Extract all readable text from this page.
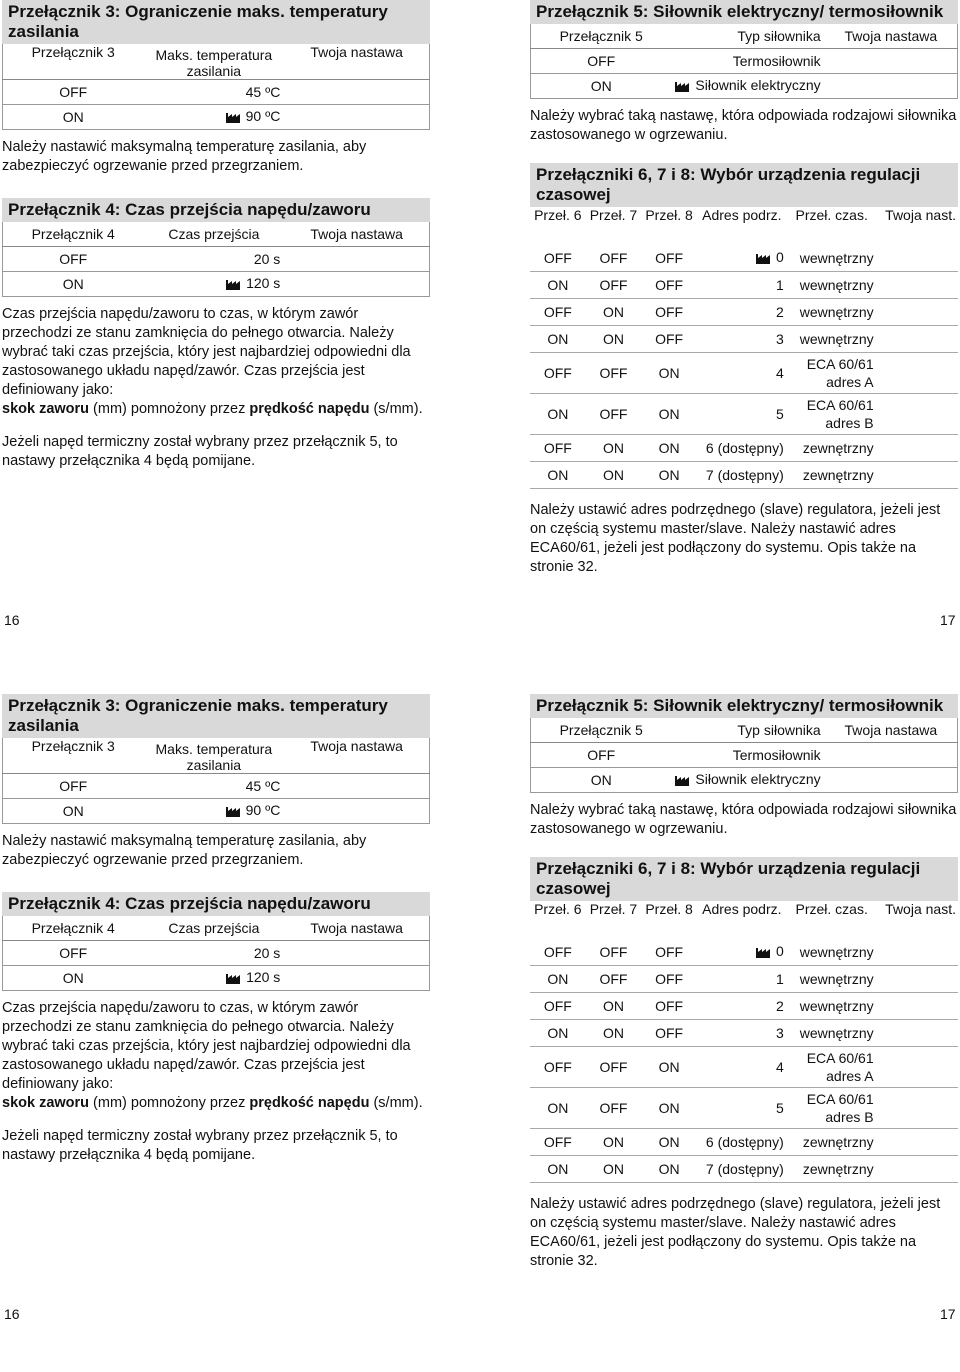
Przełącznik 3: Ograniczenie maks. temperatury zasilania
Przełącznik 3	Maks. temperatura zasilania	Twoja nastawa
OFF	45 ºC	
ON	90 ºC	

Należy nastawić maksymalną temperaturę zasilania, aby zabezpieczyć ogrzewanie przed przegrzaniem.

Przełącznik 4: Czas przejścia napędu/zaworu
Przełącznik 4	Czas przejścia	Twoja nastawa
OFF	20 s	
ON	120 s	

Czas przejścia napędu/zaworu to czas, w którym zawór przechodzi ze stanu zamknięcia do pełnego otwarcia. Należy wybrać taki czas przejścia, który jest najbardziej odpowiedni dla zastosowanego układu napęd/zawór. Czas przejścia jest definiowany jako:
skok zaworu (mm) pomnożony przez prędkość napędu (s/mm).

Jeżeli napęd termiczny został wybrany przez przełącznik 5, to nastawy przełącznika 4 będą pomijane.

Przełącznik 5: Siłownik elektryczny/ termosiłownik
Przełącznik 5	Typ siłownika	Twoja nastawa
OFF	Termosiłownik	
ON	Siłownik elektryczny	

Należy wybrać taką nastawę, która odpowiada rodzajowi siłownika zastosowanego w ogrzewaniu.

Przełączniki 6, 7 i 8: Wybór urządzenia regulacji czasowej
Przeł. 6	Przeł. 7	Przeł. 8	Adres podrz.	Przeł. czas.	Twoja nast.
OFF	OFF	OFF	0	wewnętrzny	
ON	OFF	OFF	1	wewnętrzny	
OFF	ON	OFF	2	wewnętrzny	
ON	ON	OFF	3	wewnętrzny	
OFF	OFF	ON	4	ECA 60/61 adres A	
ON	OFF	ON	5	ECA 60/61 adres B	
OFF	ON	ON	6 (dostępny)	zewnętrzny	
ON	ON	ON	7 (dostępny)	zewnętrzny	

Należy ustawić adres podrzędnego (slave) regulatora, jeżeli jest on częścią systemu master/slave. Należy nastawić adres ECA60/61, jeżeli jest podłączony do systemu. Opis także na stronie 32.

16	17
Przełącznik 3: Ograniczenie maks. temperatury zasilania
Przełącznik 3	Maks. temperatura zasilania	Twoja nastawa
OFF	45 ºC	
ON	90 ºC	

Należy nastawić maksymalną temperaturę zasilania, aby zabezpieczyć ogrzewanie przed przegrzaniem.

Przełącznik 4: Czas przejścia napędu/zaworu
Przełącznik 4	Czas przejścia	Twoja nastawa
OFF	20 s	
ON	120 s	

Czas przejścia napędu/zaworu to czas, w którym zawór przechodzi ze stanu zamknięcia do pełnego otwarcia. Należy wybrać taki czas przejścia, który jest najbardziej odpowiedni dla zastosowanego układu napęd/zawór. Czas przejścia jest definiowany jako:
skok zaworu (mm) pomnożony przez prędkość napędu (s/mm).

Jeżeli napęd termiczny został wybrany przez przełącznik 5, to nastawy przełącznika 4 będą pomijane.

Przełącznik 5: Siłownik elektryczny/ termosiłownik
Przełącznik 5	Typ siłownika	Twoja nastawa
OFF	Termosiłownik	
ON	Siłownik elektryczny	

Należy wybrać taką nastawę, która odpowiada rodzajowi siłownika zastosowanego w ogrzewaniu.

Przełączniki 6, 7 i 8: Wybór urządzenia regulacji czasowej
Przeł. 6	Przeł. 7	Przeł. 8	Adres podrz.	Przeł. czas.	Twoja nast.
OFF	OFF	OFF	0	wewnętrzny	
ON	OFF	OFF	1	wewnętrzny	
OFF	ON	OFF	2	wewnętrzny	
ON	ON	OFF	3	wewnętrzny	
OFF	OFF	ON	4	ECA 60/61 adres A	
ON	OFF	ON	5	ECA 60/61 adres B	
OFF	ON	ON	6 (dostępny)	zewnętrzny	
ON	ON	ON	7 (dostępny)	zewnętrzny	

Należy ustawić adres podrzędnego (slave) regulatora, jeżeli jest on częścią systemu master/slave. Należy nastawić adres ECA60/61, jeżeli jest podłączony do systemu. Opis także na stronie 32.

16	17
